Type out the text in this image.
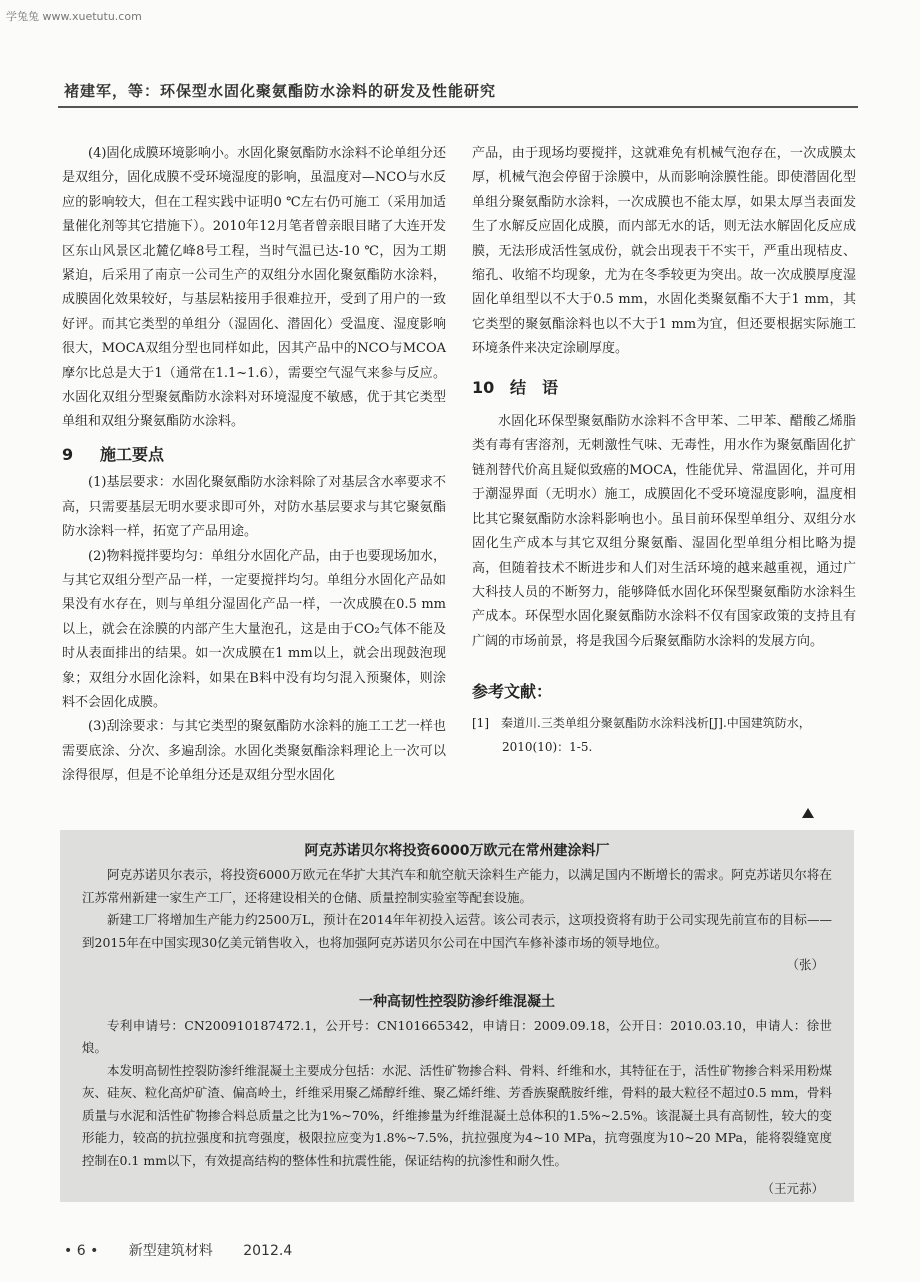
学兔兔 www.xuetutu.com
褚建军，等：环保型水固化聚氨酯防水涂料的研发及性能研究

(4)固化成膜环境影响小。水固化聚氨酯防水涂料不论单组分还是双组分，固化成膜不受环境湿度的影响，虽温度对—NCO与水反应的影响较大，但在工程实践中证明0 ℃左右仍可施工（采用加适量催化剂等其它措施下）。2010年12月笔者曾亲眼目睹了大连开发区东山风景区北麓亿峰8号工程，当时气温已达-10 ℃，因为工期紧迫，后采用了南京一公司生产的双组分水固化聚氨酯防水涂料，成膜固化效果较好，与基层粘接用手很难拉开，受到了用户的一致好评。而其它类型的单组分（湿固化、潜固化）受温度、湿度影响很大，MOCA双组分型也同样如此，因其产品中的NCO与MCOA摩尔比总是大于1（通常在1.1~1.6），需要空气湿气来参与反应。水固化双组分型聚氨酯防水涂料对环境湿度不敏感，优于其它类型单组和双组分聚氨酯防水涂料。

9 施工要点

(1)基层要求：水固化聚氨酯防水涂料除了对基层含水率要求不高，只需要基层无明水要求即可外，对防水基层要求与其它聚氨酯防水涂料一样，拓宽了产品用途。

(2)物料搅拌要均匀：单组分水固化产品，由于也要现场加水，与其它双组分型产品一样，一定要搅拌均匀。单组分水固化产品如果没有水存在，则与单组分湿固化产品一样，一次成膜在0.5 mm以上，就会在涂膜的内部产生大量泡孔，这是由于CO₂气体不能及时从表面排出的结果。如一次成膜在1 mm以上，就会出现鼓泡现象；双组分水固化涂料，如果在B料中没有均匀混入预聚体，则涂料不会固化成膜。

(3)刮涂要求：与其它类型的聚氨酯防水涂料的施工工艺一样也需要底涂、分次、多遍刮涂。水固化类聚氨酯涂料理论上一次可以涂得很厚，但是不论单组分还是双组分型水固化

产品，由于现场均要搅拌，这就难免有机械气泡存在，一次成膜太厚，机械气泡会停留于涂膜中，从而影响涂膜性能。即使潜固化型单组分聚氨酯防水涂料，一次成膜也不能太厚，如果太厚当表面发生了水解反应固化成膜，而内部无水的话，则无法水解固化反应成膜，无法形成活性氢成份，就会出现表干不实干，严重出现桔皮、缩孔、收缩不均现象，尤为在冬季较更为突出。故一次成膜厚度湿固化单组型以不大于0.5 mm，水固化类聚氨酯不大于1 mm，其它类型的聚氨酯涂料也以不大于1 mm为宜，但还要根据实际施工环境条件来决定涂刷厚度。

10 结　语

水固化环保型聚氨酯防水涂料不含甲苯、二甲苯、醋酸乙烯脂类有毒有害溶剂，无刺激性气味、无毒性，用水作为聚氨酯固化扩链剂替代价高且疑似致癌的MOCA，性能优异、常温固化，并可用于潮湿界面（无明水）施工，成膜固化不受环境湿度影响，温度相比其它聚氨酯防水涂料影响也小。虽目前环保型单组分、双组分水固化生产成本与其它双组分聚氨酯、湿固化型单组分相比略为提高，但随着技术不断进步和人们对生活环境的越来越重视，通过广大科技人员的不断努力，能够降低水固化环保型聚氨酯防水涂料生产成本。环保型水固化聚氨酯防水涂料不仅有国家政策的支持且有广阔的市场前景，将是我国今后聚氨酯防水涂料的发展方向。

参考文献：
[1]　秦道川.三类单组分聚氨酯防水涂料浅析[J].中国建筑防水，2010(10)：1-5.
阿克苏诺贝尔将投资6000万欧元在常州建涂料厂

阿克苏诺贝尔表示，将投资6000万欧元在华扩大其汽车和航空航天涂料生产能力，以满足国内不断增长的需求。阿克苏诺贝尔将在江苏常州新建一家生产工厂，还将建设相关的仓储、质量控制实验室等配套设施。

新建工厂将增加生产能力约2500万L，预计在2014年年初投入运营。该公司表示，这项投资将有助于公司实现先前宣布的目标——到2015年在中国实现30亿美元销售收入，也将加强阿克苏诺贝尔公司在中国汽车修补漆市场的领导地位。

（张）

一种高韧性控裂防渗纤维混凝土

专利申请号：CN200910187472.1，公开号：CN101665342，申请日：2009.09.18，公开日：2010.03.10，申请人：徐世烺。

本发明高韧性控裂防渗纤维混凝土主要成分包括：水泥、活性矿物掺合料、骨料、纤维和水，其特征在于，活性矿物掺合料采用粉煤灰、硅灰、粒化高炉矿渣、偏高岭土，纤维采用聚乙烯醇纤维、聚乙烯纤维、芳香族聚酰胺纤维，骨料的最大粒径不超过0.5 mm，骨料质量与水泥和活性矿物掺合料总质量之比为1%~70%，纤维掺量为纤维混凝土总体积的1.5%~2.5%。该混凝土具有高韧性，较大的变形能力，较高的抗拉强度和抗弯强度，极限拉应变为1.8%~7.5%，抗拉强度为4~10 MPa，抗弯强度为10~20 MPa，能将裂缝宽度控制在0.1 mm以下，有效提高结构的整体性和抗震性能，保证结构的抗渗性和耐久性。

（王元荪）

• 6 • 新型建筑材料 2012.4
